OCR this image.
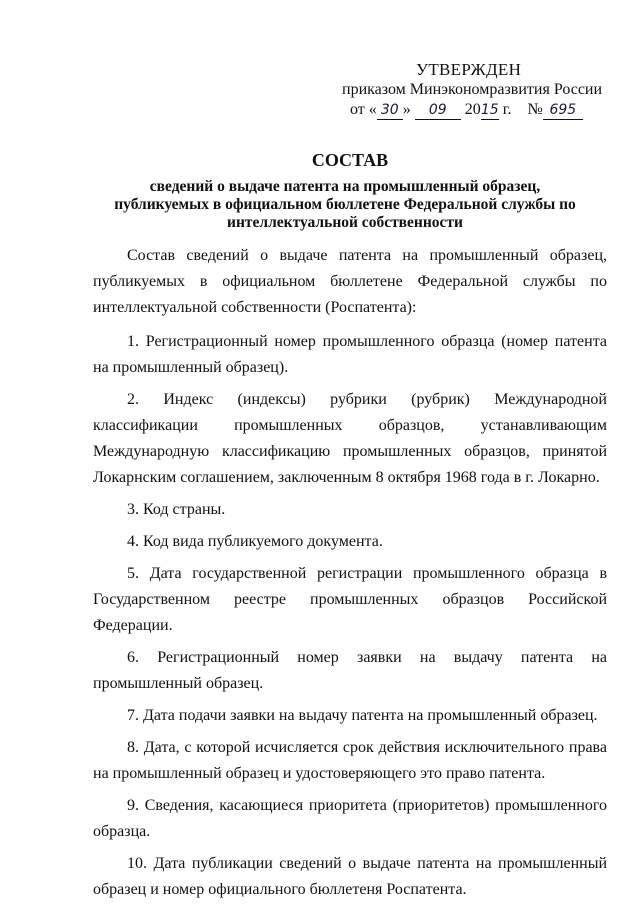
УТВЕРЖДЕН
приказом Минэкономразвития России
от « 30 » 09 2015 г. № 695
СОСТАВ
сведений о выдаче патента на промышленный образец, публикуемых в официальном бюллетене Федеральной службы по интеллектуальной собственности

Состав сведений о выдаче патента на промышленный образец, публикуемых в официальном бюллетене Федеральной службы по интеллектуальной собственности (Роспатента):

1. Регистрационный номер промышленного образца (номер патента на промышленный образец).

2. Индекс (индексы) рубрики (рубрик) Международной классификации промышленных образцов, устанавливающим Международную классификацию промышленных образцов, принятой Локарнским соглашением, заключенным 8 октября 1968 года в г. Локарно.

3. Код страны.

4. Код вида публикуемого документа.

5. Дата государственной регистрации промышленного образца в Государственном реестре промышленных образцов Российской Федерации.

6. Регистрационный номер заявки на выдачу патента на промышленный образец.

7. Дата подачи заявки на выдачу патента на промышленный образец.

8. Дата, с которой исчисляется срок действия исключительного права на промышленный образец и удостоверяющего это право патента.

9. Сведения, касающиеся приоритета (приоритетов) промышленного образца.

10. Дата публикации сведений о выдаче патента на промышленный образец и номер официального бюллетеня Роспатента.
